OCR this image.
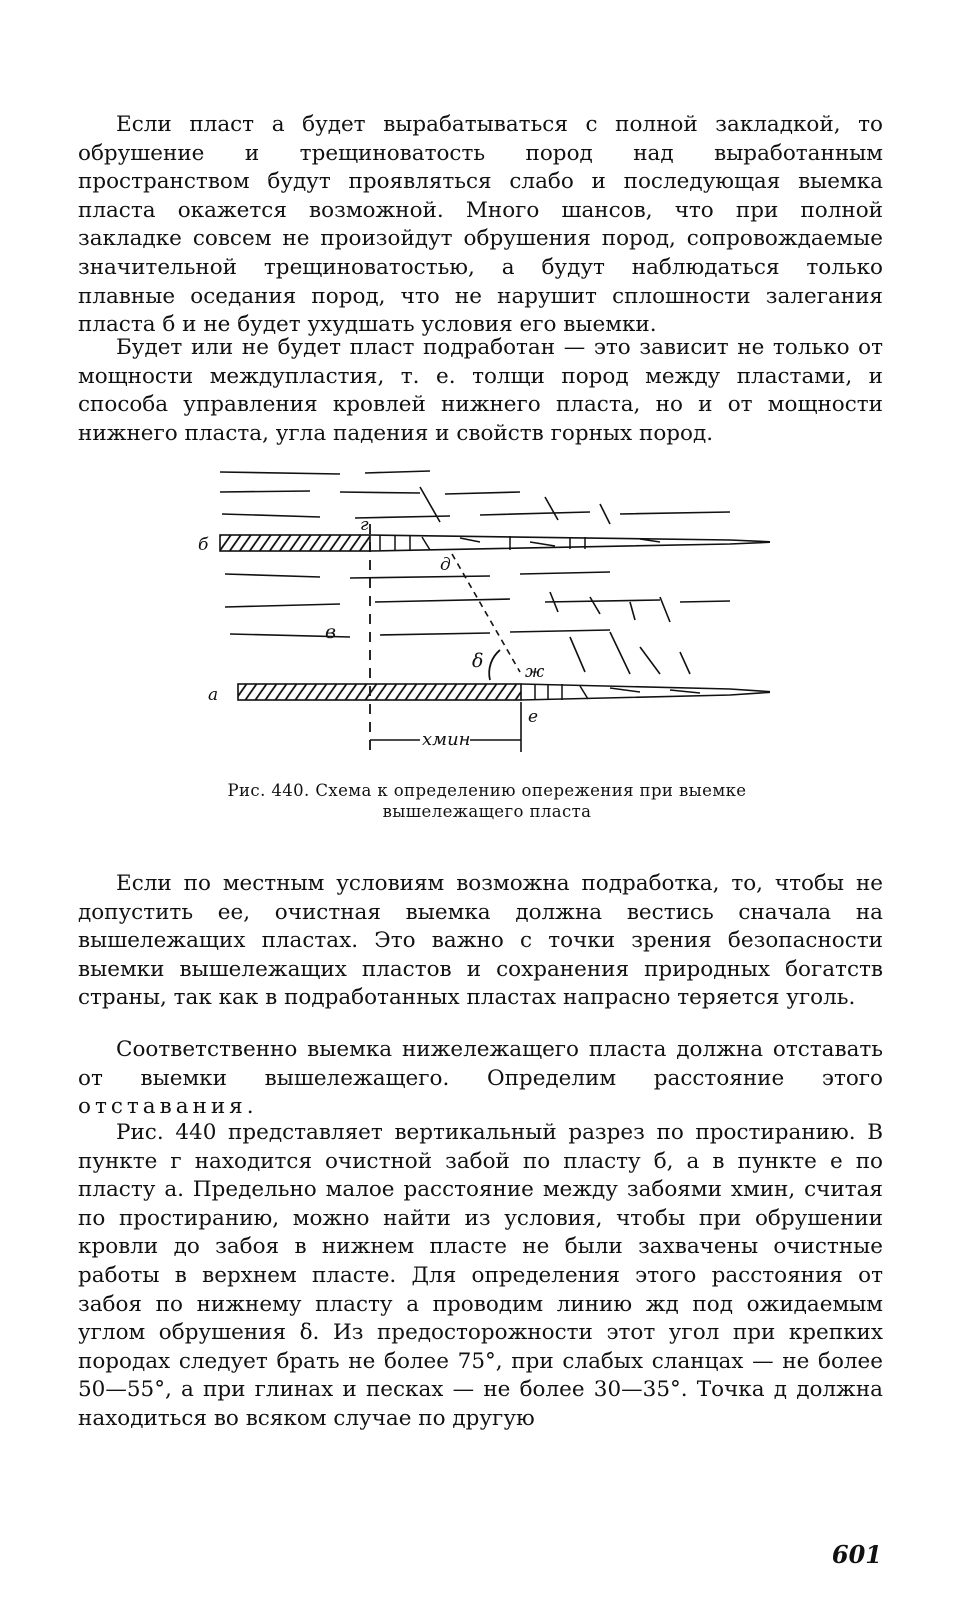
Если пласт а будет вырабатываться с полной закладкой, то обрушение и трещиноватость пород над выработанным пространством будут проявляться слабо и последующая выемка пласта окажется возможной. Много шансов, что при полной закладке совсем не произойдут обрушения пород, сопровождаемые значительной трещиноватостью, а будут наблюдаться только плавные оседания пород, что не нарушит сплошности залегания пласта б и не будет ухудшать условия его выемки.

Будет или не будет пласт подработан — это зависит не только от мощности междупластия, т. е. толщи пород между пластами, и способа управления кровлей нижнего пласта, но и от мощности нижнего пласта, угла падения и свойств горных пород.

б
а
г
д
ж
е
в
δ
xмин
Рис. 440. Схема к определению опережения при выемке вышележащего пласта

Если по местным условиям возможна подработка, то, чтобы не допустить ее, очистная выемка должна вестись сначала на вышележащих пластах. Это важно с точки зрения безопасности выемки вышележащих пластов и сохранения природных богатств страны, так как в подработанных пластах напрасно теряется уголь.

Соответственно выемка нижележащего пласта должна отставать от выемки вышележащего. Определим расстояние этого отставания.

Рис. 440 представляет вертикальный разрез по простиранию. В пункте г находится очистной забой по пласту б, а в пункте е по пласту а. Предельно малое расстояние между забоями xмин, считая по простиранию, можно найти из условия, чтобы при обрушении кровли до забоя в нижнем пласте не были захвачены очистные работы в верхнем пласте. Для определения этого расстояния от забоя по нижнему пласту а проводим линию жд под ожидаемым углом обрушения δ. Из предосторожности этот угол при крепких породах следует брать не более 75°, при слабых сланцах — не более 50—55°, а при глинах и песках — не более 30—35°. Точка д должна находиться во всяком случае по другую

601
